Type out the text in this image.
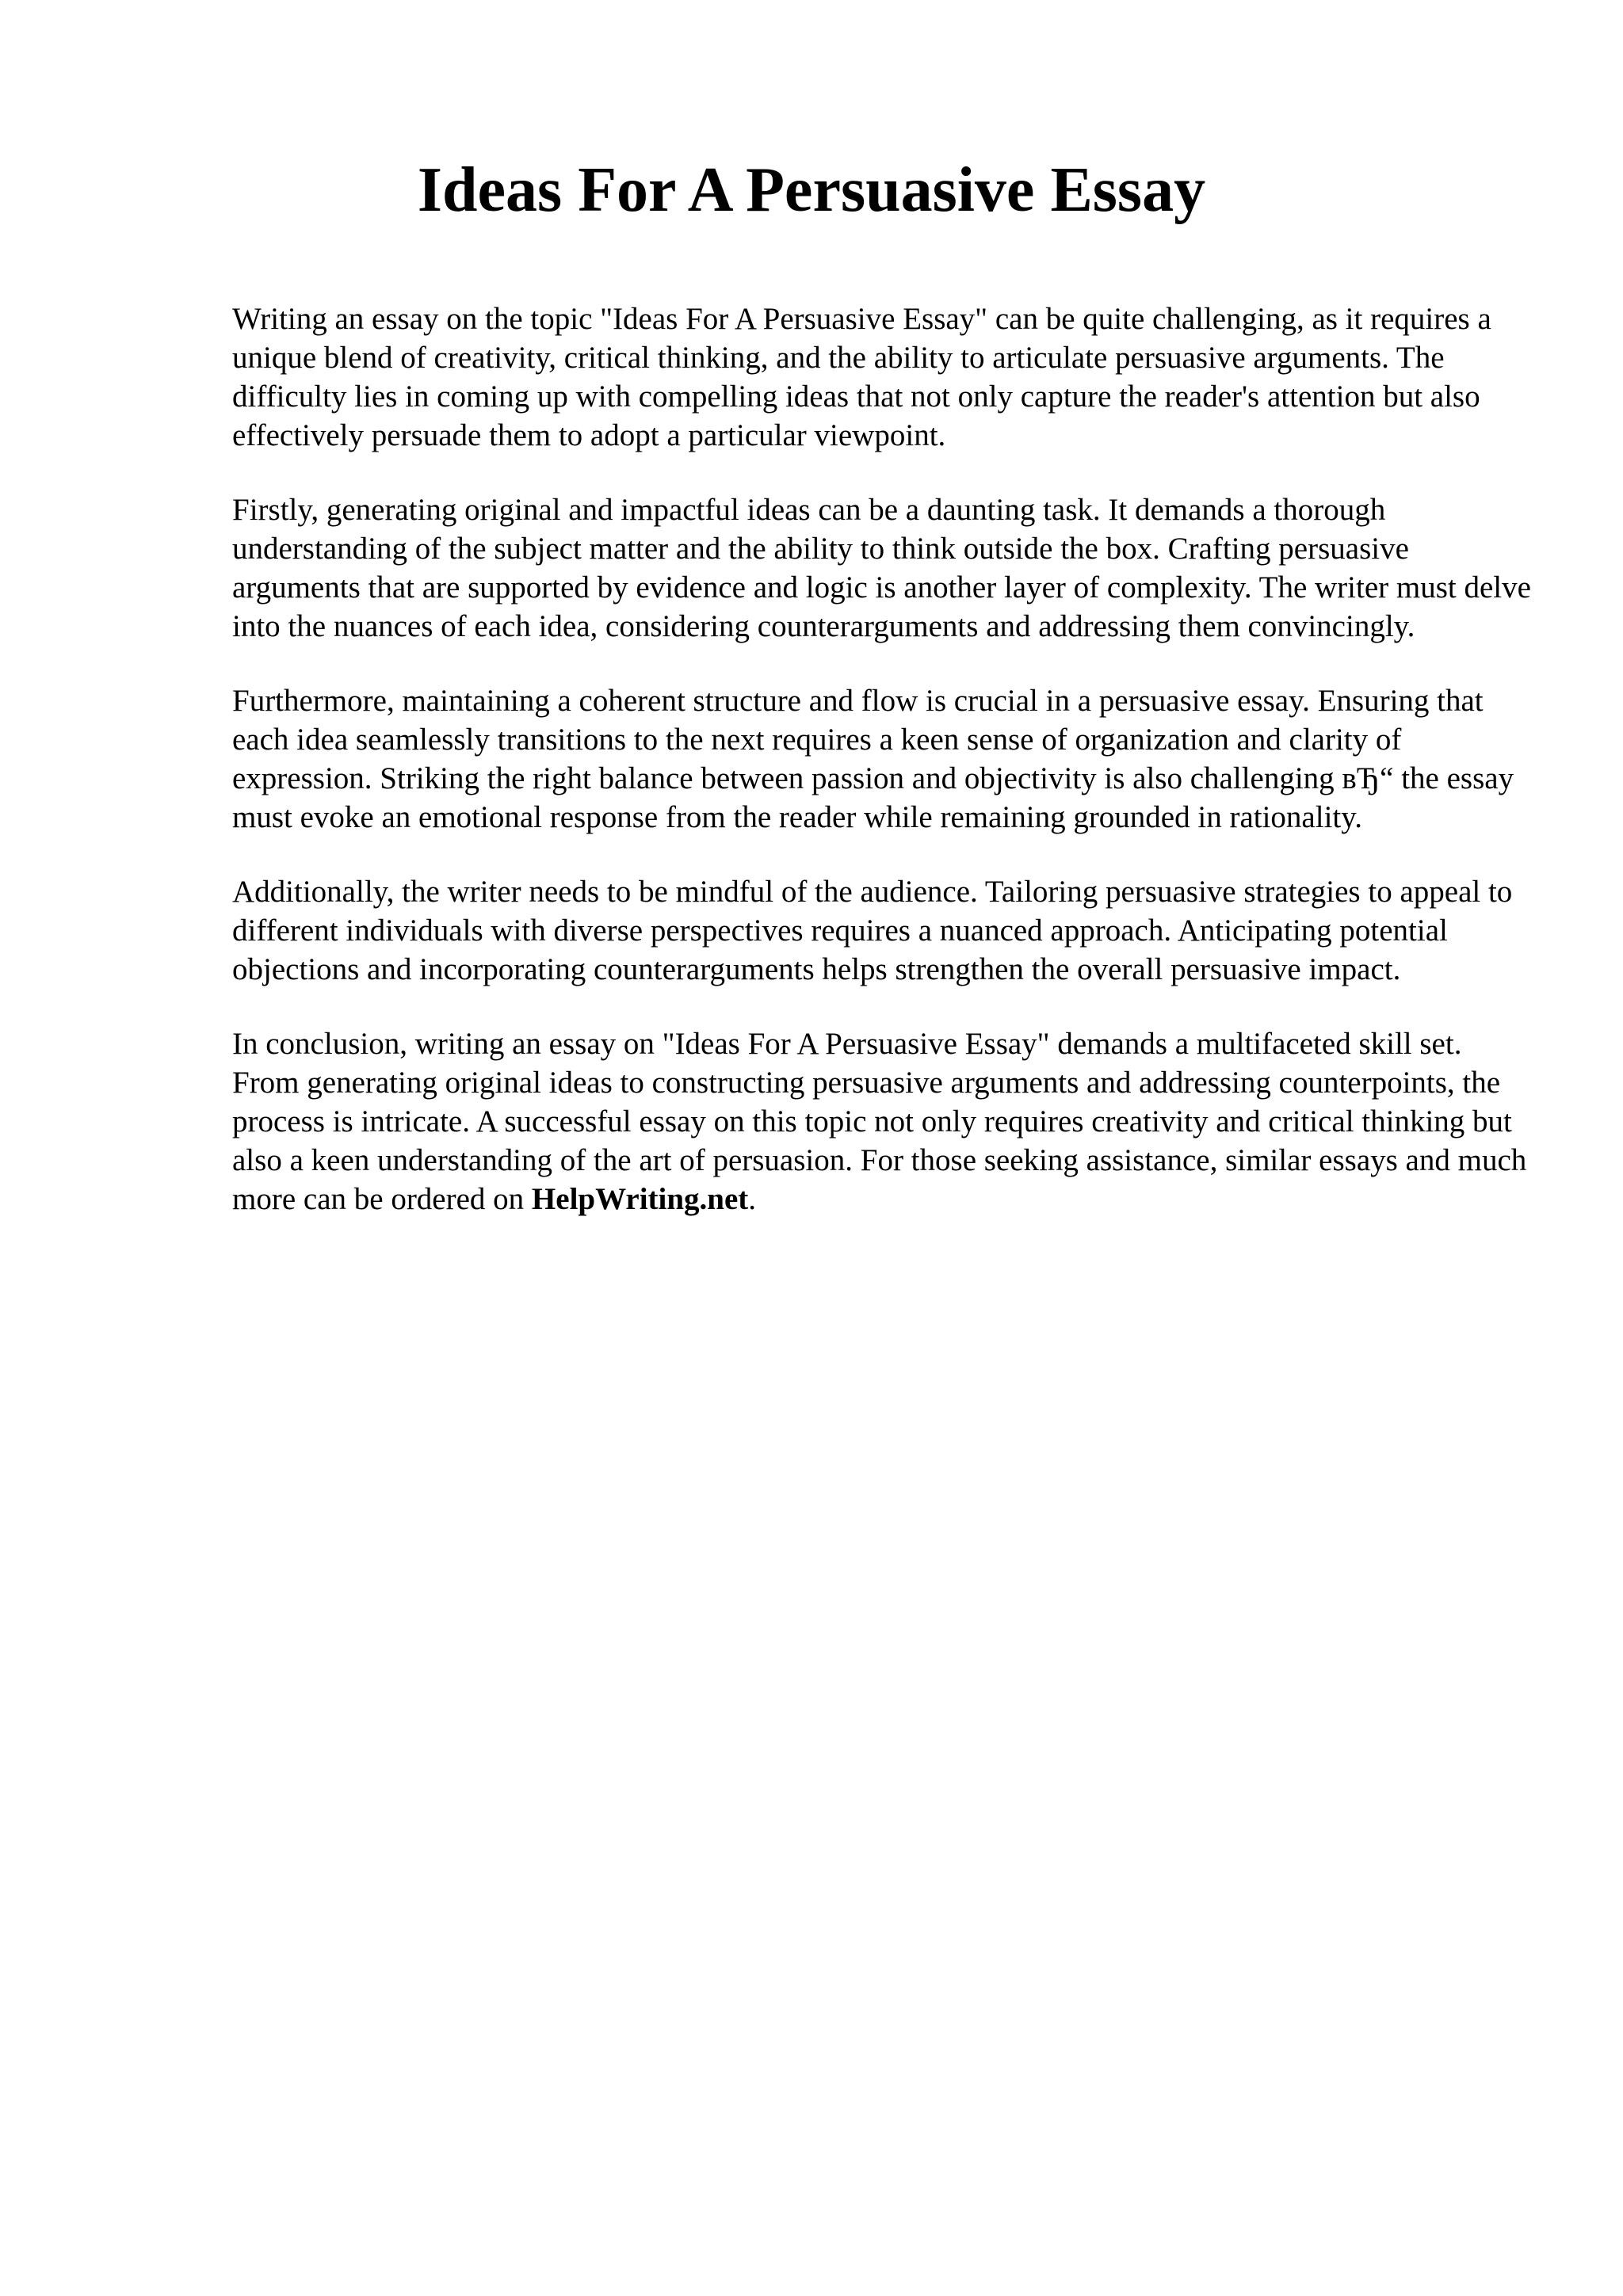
Ideas For A Persuasive Essay

Writing an essay on the topic "Ideas For A Persuasive Essay" can be quite challenging, as it requires a unique blend of creativity, critical thinking, and the ability to articulate persuasive arguments. The difficulty lies in coming up with compelling ideas that not only capture the reader's attention but also effectively persuade them to adopt a particular viewpoint.

Firstly, generating original and impactful ideas can be a daunting task. It demands a thorough understanding of the subject matter and the ability to think outside the box. Crafting persuasive arguments that are supported by evidence and logic is another layer of complexity. The writer must delve into the nuances of each idea, considering counterarguments and addressing them convincingly.

Furthermore, maintaining a coherent structure and flow is crucial in a persuasive essay. Ensuring that each idea seamlessly transitions to the next requires a keen sense of organization and clarity of expression. Striking the right balance between passion and objectivity is also challenging вЂ“ the essay must evoke an emotional response from the reader while remaining grounded in rationality.

Additionally, the writer needs to be mindful of the audience. Tailoring persuasive strategies to appeal to different individuals with diverse perspectives requires a nuanced approach. Anticipating potential objections and incorporating counterarguments helps strengthen the overall persuasive impact.

In conclusion, writing an essay on "Ideas For A Persuasive Essay" demands a multifaceted skill set. From generating original ideas to constructing persuasive arguments and addressing counterpoints, the process is intricate. A successful essay on this topic not only requires creativity and critical thinking but also a keen understanding of the art of persuasion. For those seeking assistance, similar essays and much more can be ordered on HelpWriting.net.
